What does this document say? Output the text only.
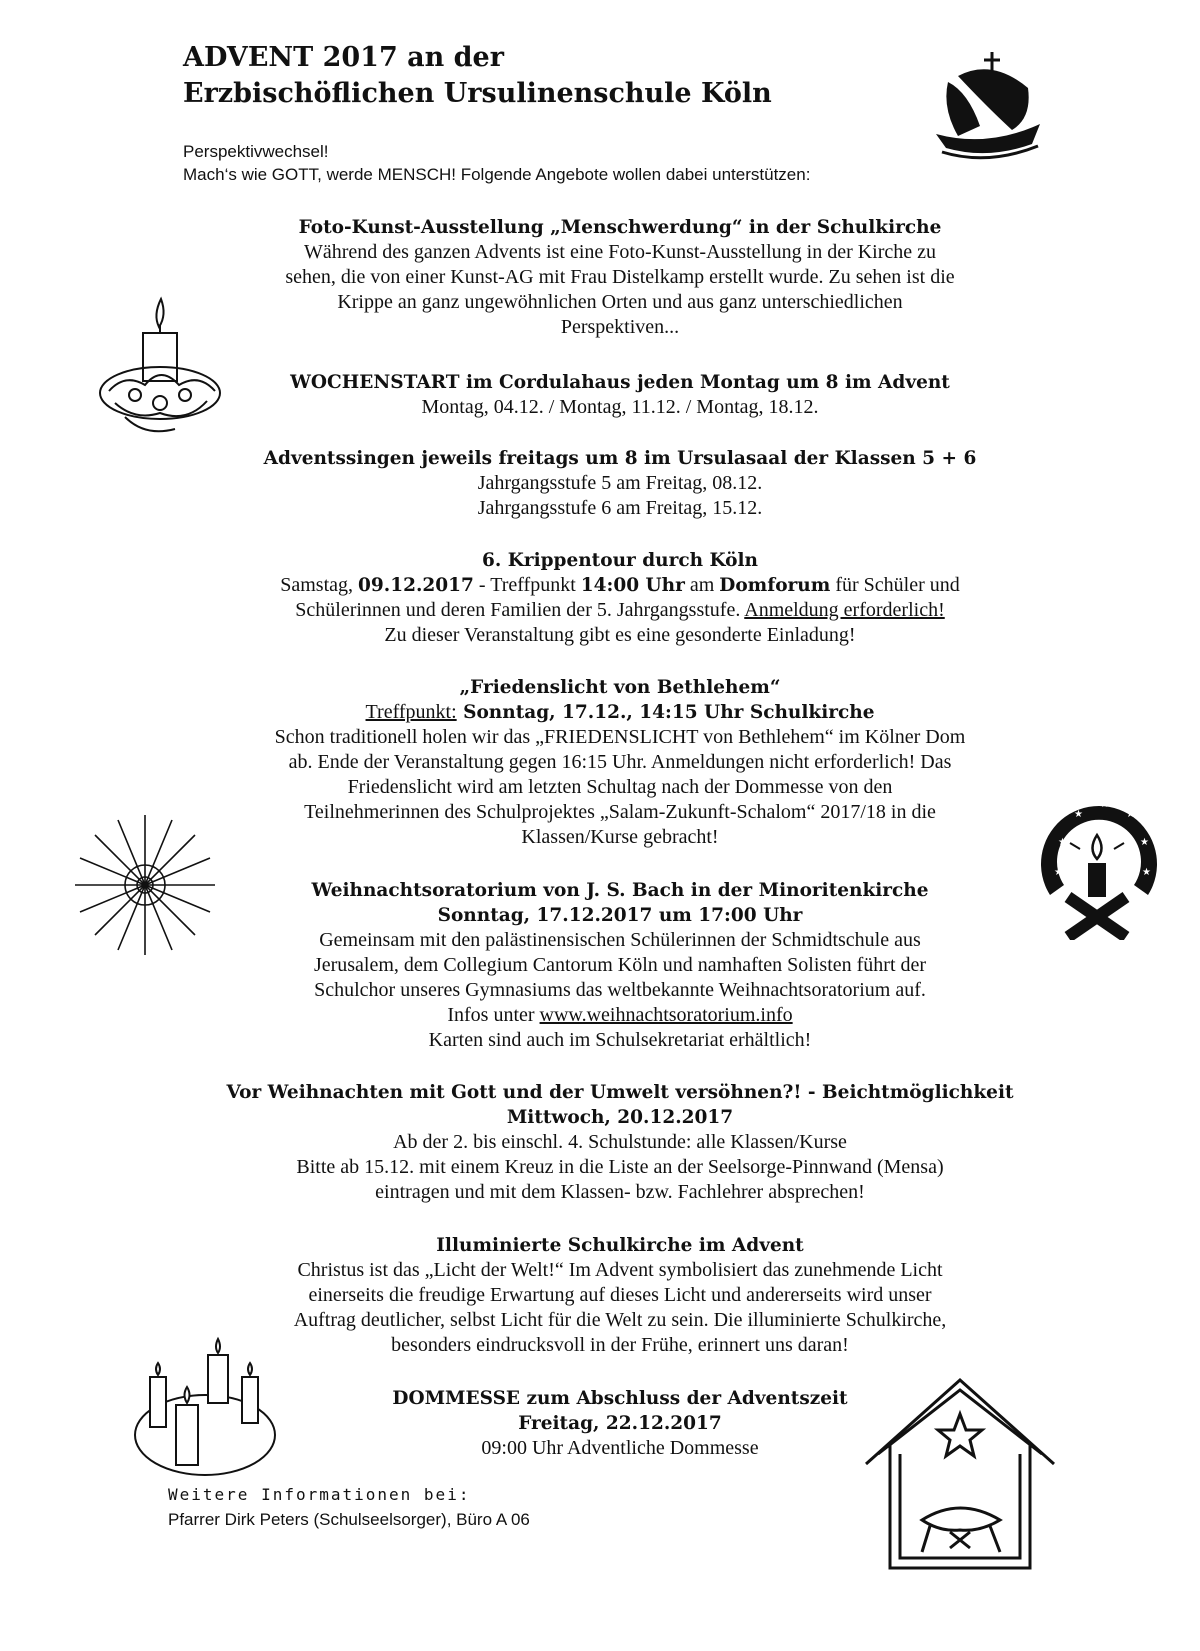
ADVENT 2017 an der
Erzbischöflichen Ursulinenschule Köln
Perspektivwechsel!
Mach‘s wie GOTT, werde MENSCH! Folgende Angebote wollen dabei unterstützen:

Foto-Kunst-Ausstellung „Menschwerdung“ in der Schulkirche

Während des ganzen Advents ist eine Foto-Kunst-Ausstellung in der Kirche zu

sehen, die von einer Kunst-AG mit Frau Distelkamp erstellt wurde. Zu sehen ist die

Krippe an ganz ungewöhnlichen Orten und aus ganz unterschiedlichen

Perspektiven...

WOCHENSTART im Cordulahaus jeden Montag um 8 im Advent

Montag, 04.12. / Montag, 11.12. / Montag, 18.12.

Adventssingen jeweils freitags um 8 im Ursulasaal der Klassen 5 + 6

Jahrgangsstufe 5 am Freitag, 08.12.

Jahrgangsstufe 6 am Freitag, 15.12.

6. Krippentour durch Köln

Samstag, 09.12.2017 - Treffpunkt 14:00 Uhr am Domforum für Schüler und

Schülerinnen und deren Familien der 5. Jahrgangsstufe. Anmeldung erforderlich!

Zu dieser Veranstaltung gibt es eine gesonderte Einladung!

„Friedenslicht von Bethlehem“

Treffpunkt: Sonntag, 17.12., 14:15 Uhr Schulkirche

Schon traditionell holen wir das „FRIEDENSLICHT von Bethlehem“ im Kölner Dom

ab. Ende der Veranstaltung gegen 16:15 Uhr. Anmeldungen nicht erforderlich! Das

Friedenslicht wird am letzten Schultag nach der Dommesse von den

Teilnehmerinnen des Schulprojektes „Salam-Zukunft-Schalom“ 2017/18 in die

Klassen/Kurse gebracht!	★
★
★
★
★
★	★

Weihnachtsoratorium von J. S. Bach in der Minoritenkirche

Sonntag, 17.12.2017 um 17:00 Uhr

Gemeinsam mit den palästinensischen Schülerinnen der Schmidtschule aus

Jerusalem, dem Collegium Cantorum Köln und namhaften Solisten führt der

Schulchor unseres Gymnasiums das weltbekannte Weihnachtsoratorium auf.

Infos unter www.weihnachtsoratorium.info

Karten sind auch im Schulsekretariat erhältlich!

Vor Weihnachten mit Gott und der Umwelt versöhnen?! - Beichtmöglichkeit

Mittwoch, 20.12.2017

Ab der 2. bis einschl. 4. Schulstunde: alle Klassen/Kurse

Bitte ab 15.12. mit einem Kreuz in die Liste an der Seelsorge-Pinnwand (Mensa)

eintragen und mit dem Klassen- bzw. Fachlehrer absprechen!

Illuminierte Schulkirche im Advent

Christus ist das „Licht der Welt!“ Im Advent symbolisiert das zunehmende Licht

einerseits die freudige Erwartung auf dieses Licht und andererseits wird unser

Auftrag deutlicher, selbst Licht für die Welt zu sein. Die illuminierte Schulkirche,

besonders eindrucksvoll in der Frühe, erinnert uns daran!

DOMMESSE zum Abschluss der Adventszeit

Freitag, 22.12.2017

09:00 Uhr Adventliche Dommesse

Weitere Informationen bei:
Pfarrer Dirk Peters (Schulseelsorger), Büro A 06
